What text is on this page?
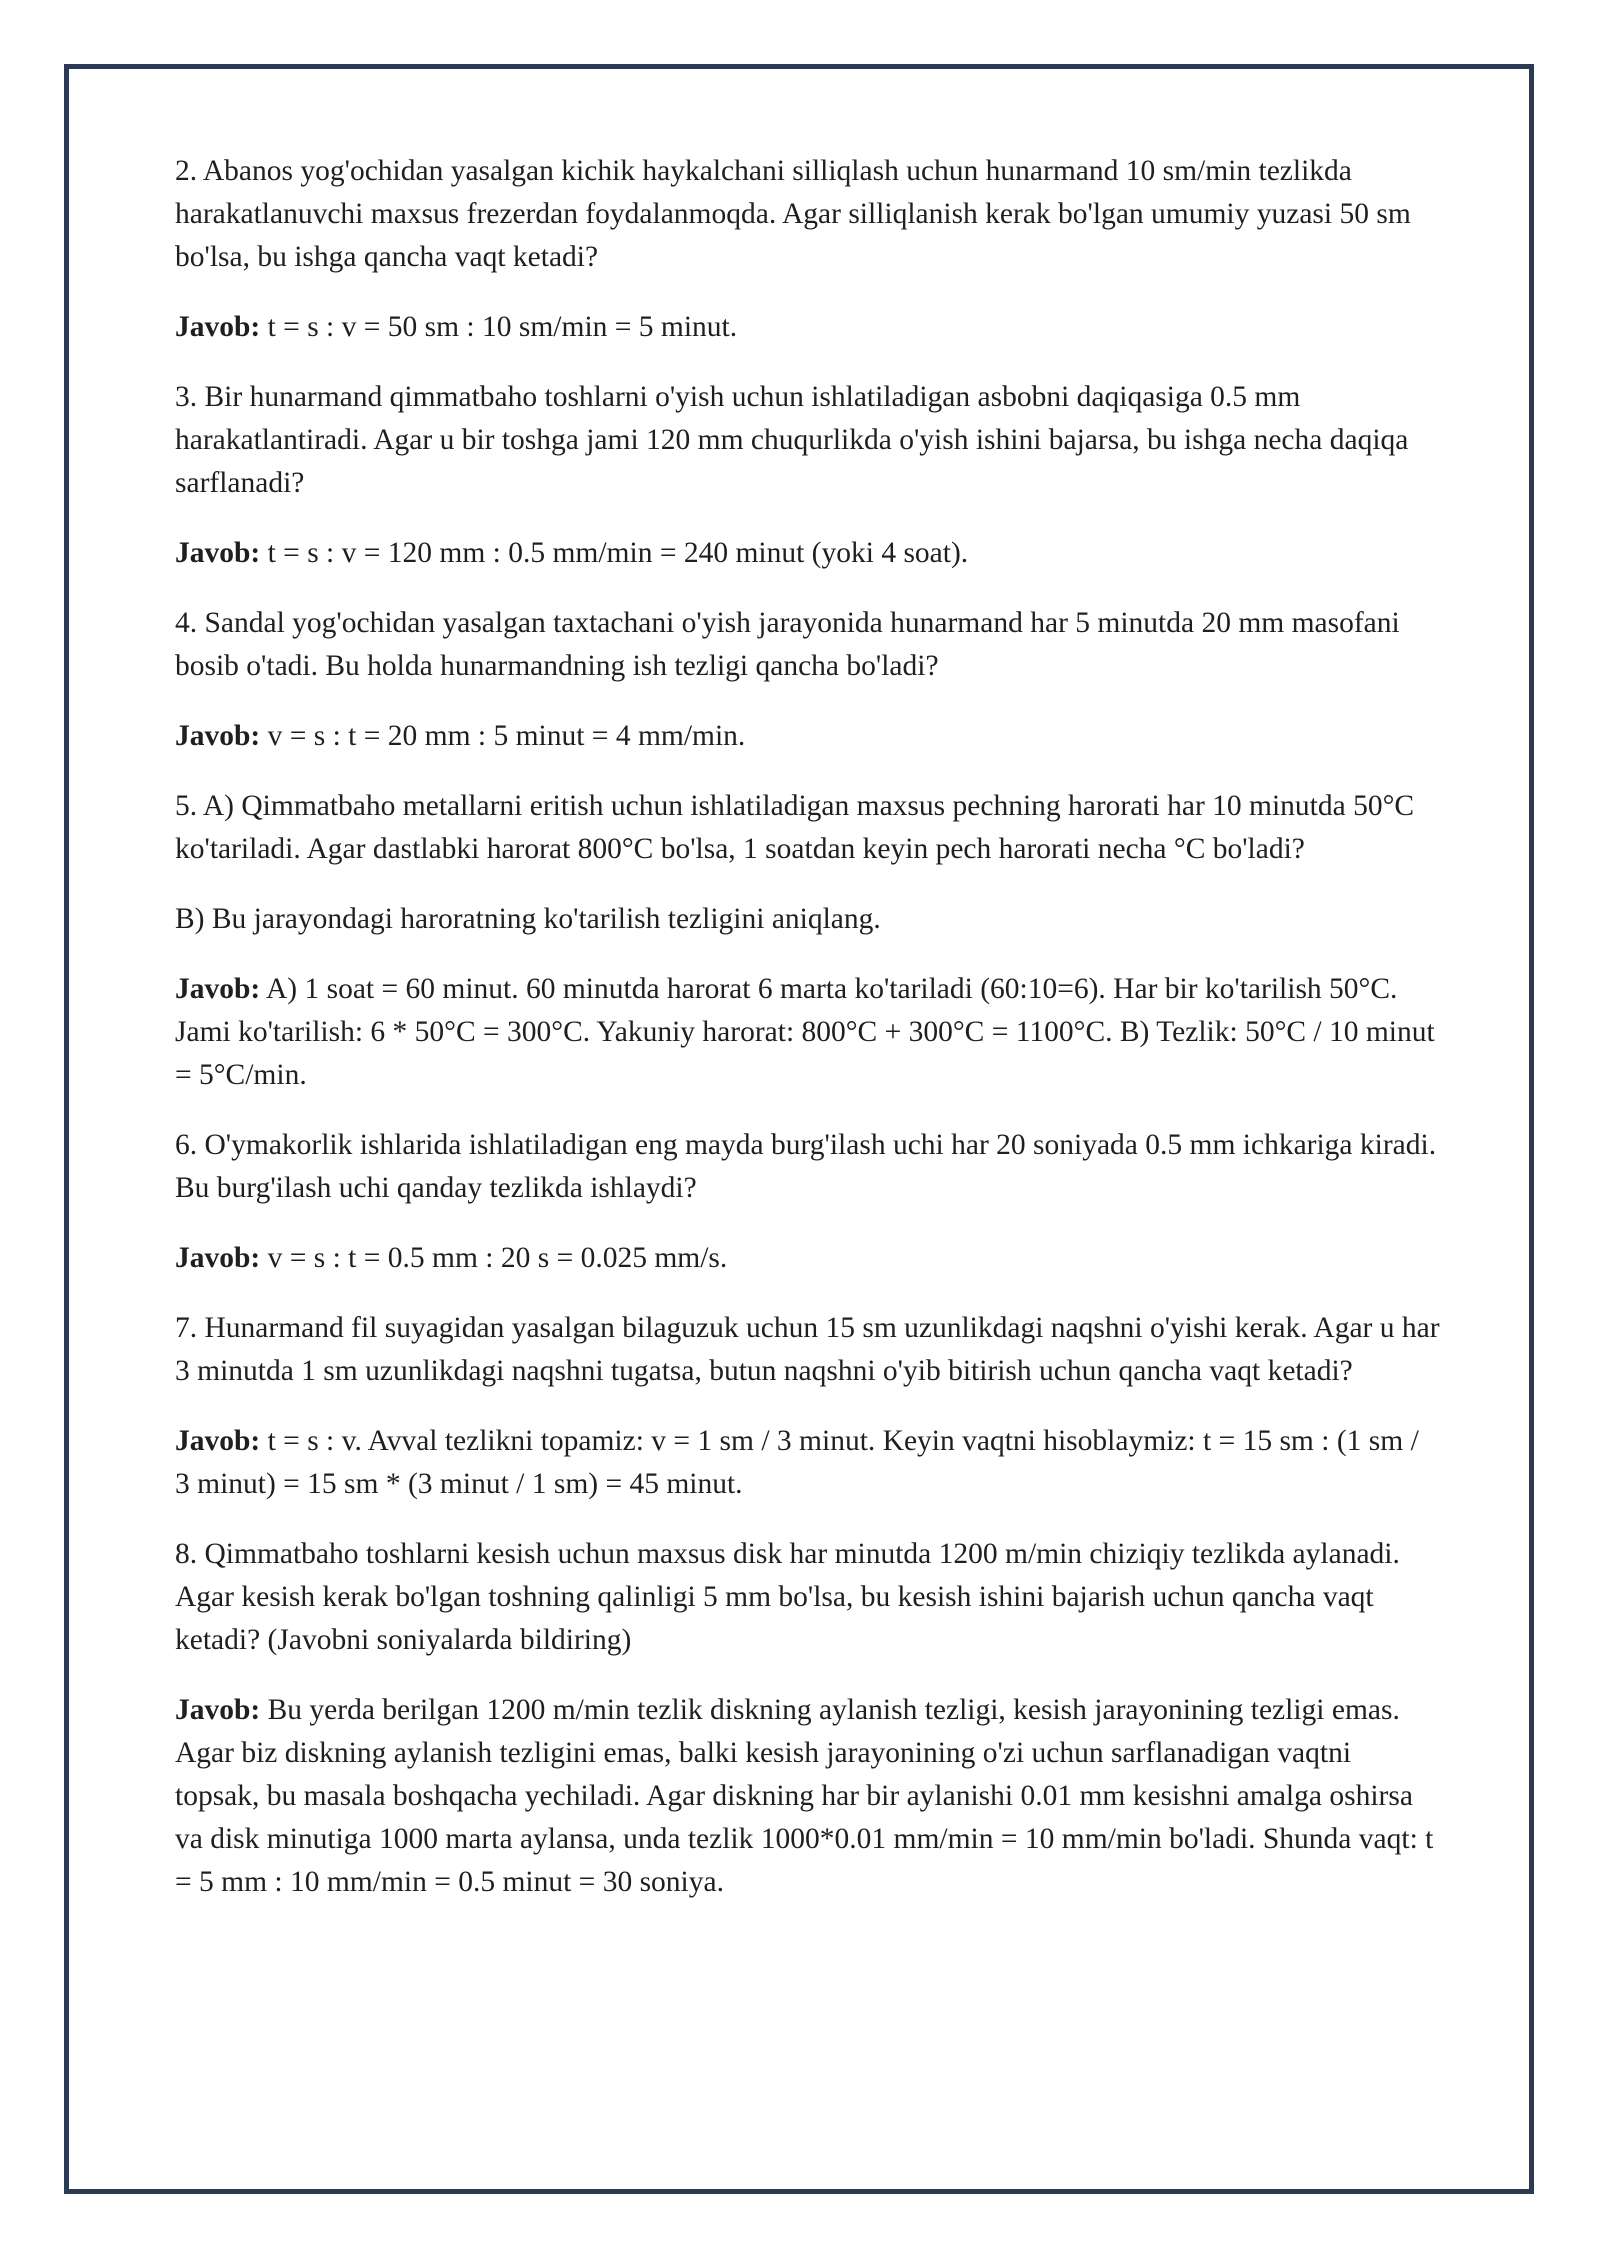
2. Abanos yog'ochidan yasalgan kichik haykalchani silliqlash uchun hunarmand 10 sm/min tezlikda harakatlanuvchi maxsus frezerdan foydalanmoqda. Agar silliqlanish kerak bo'lgan umumiy yuzasi 50 sm bo'lsa, bu ishga qancha vaqt ketadi?

Javob: t = s : v = 50 sm : 10 sm/min = 5 minut.

3. Bir hunarmand qimmatbaho toshlarni o'yish uchun ishlatiladigan asbobni daqiqasiga 0.5 mm harakatlantiradi. Agar u bir toshga jami 120 mm chuqurlikda o'yish ishini bajarsa, bu ishga necha daqiqa sarflanadi?

Javob: t = s : v = 120 mm : 0.5 mm/min = 240 minut (yoki 4 soat).

4. Sandal yog'ochidan yasalgan taxtachani o'yish jarayonida hunarmand har 5 minutda 20 mm masofani bosib o'tadi. Bu holda hunarmandning ish tezligi qancha bo'ladi?

Javob: v = s : t = 20 mm : 5 minut = 4 mm/min.

5. A) Qimmatbaho metallarni eritish uchun ishlatiladigan maxsus pechning harorati har 10 minutda 50°C ko'tariladi. Agar dastlabki harorat 800°C bo'lsa, 1 soatdan keyin pech harorati necha °C bo'ladi?

B) Bu jarayondagi haroratning ko'tarilish tezligini aniqlang.

Javob: A) 1 soat = 60 minut. 60 minutda harorat 6 marta ko'tariladi (60:10=6). Har bir ko'tarilish 50°C. Jami ko'tarilish: 6 * 50°C = 300°C. Yakuniy harorat: 800°C + 300°C = 1100°C. B) Tezlik: 50°C / 10 minut = 5°C/min.

6. O'ymakorlik ishlarida ishlatiladigan eng mayda burg'ilash uchi har 20 soniyada 0.5 mm ichkariga kiradi. Bu burg'ilash uchi qanday tezlikda ishlaydi?

Javob: v = s : t = 0.5 mm : 20 s = 0.025 mm/s.

7. Hunarmand fil suyagidan yasalgan bilaguzuk uchun 15 sm uzunlikdagi naqshni o'yishi kerak. Agar u har 3 minutda 1 sm uzunlikdagi naqshni tugatsa, butun naqshni o'yib bitirish uchun qancha vaqt ketadi?

Javob: t = s : v. Avval tezlikni topamiz: v = 1 sm / 3 minut. Keyin vaqtni hisoblaymiz: t = 15 sm : (1 sm / 3 minut) = 15 sm * (3 minut / 1 sm) = 45 minut.

8. Qimmatbaho toshlarni kesish uchun maxsus disk har minutda 1200 m/min chiziqiy tezlikda aylanadi. Agar kesish kerak bo'lgan toshning qalinligi 5 mm bo'lsa, bu kesish ishini bajarish uchun qancha vaqt ketadi? (Javobni soniyalarda bildiring)

Javob: Bu yerda berilgan 1200 m/min tezlik diskning aylanish tezligi, kesish jarayonining tezligi emas. Agar biz diskning aylanish tezligini emas, balki kesish jarayonining o'zi uchun sarflanadigan vaqtni topsak, bu masala boshqacha yechiladi. Agar diskning har bir aylanishi 0.01 mm kesishni amalga oshirsa va disk minutiga 1000 marta aylansa, unda tezlik 1000*0.01 mm/min = 10 mm/min bo'ladi. Shunda vaqt: t = 5 mm : 10 mm/min = 0.5 minut = 30 soniya.
